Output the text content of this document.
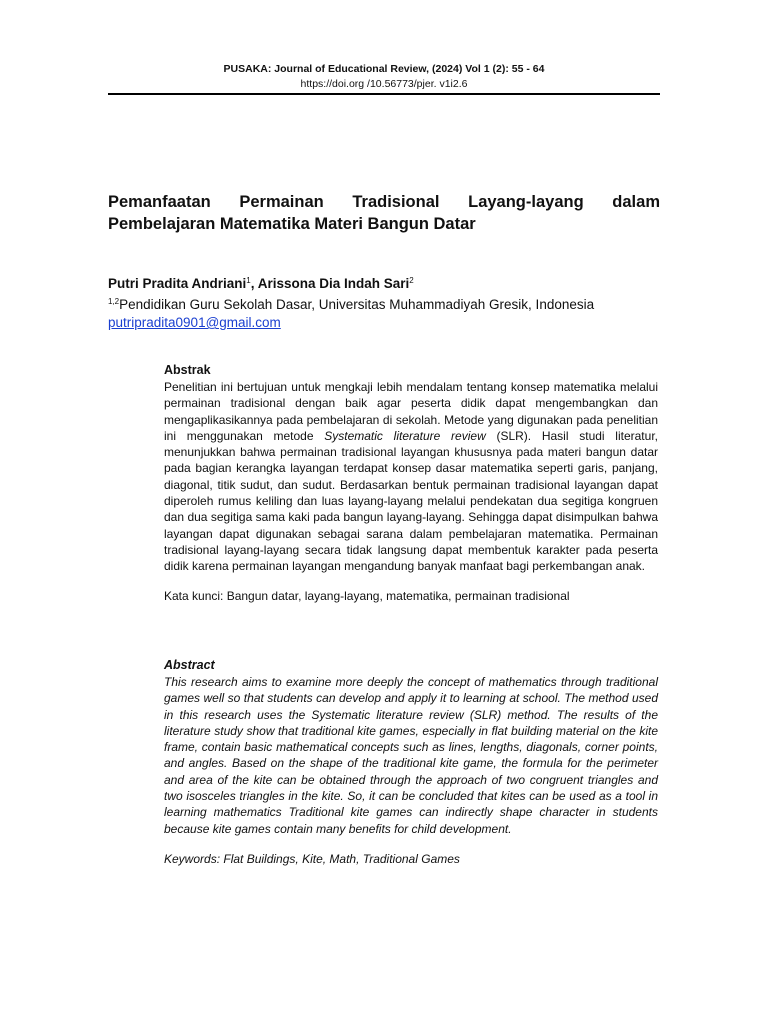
PUSAKA: Journal of Educational Review, (2024) Vol 1 (2): 55 - 64
https://doi.org /10.56773/pjer. v1i2.6
Pemanfaatan Permainan Tradisional Layang-layang dalam Pembelajaran Matematika Materi Bangun Datar
Putri Pradita Andriani$^1$, Arissona Dia Indah Sari$^2$
$^{1,2}$Pendidikan Guru Sekolah Dasar, Universitas Muhammadiyah Gresik, Indonesia
putripradita0901@gmail.com
Abstrak

Penelitian ini bertujuan untuk mengkaji lebih mendalam tentang konsep matematika melalui permainan tradisional dengan baik agar peserta didik dapat mengembangkan dan mengaplikasikannya pada pembelajaran di sekolah. Metode yang digunakan pada penelitian ini menggunakan metode Systematic literature review (SLR). Hasil studi literatur, menunjukkan bahwa permainan tradisional layangan khususnya pada materi bangun datar pada bagian kerangka layangan terdapat konsep dasar matematika seperti garis, panjang, diagonal, titik sudut, dan sudut. Berdasarkan bentuk permainan tradisional layangan dapat diperoleh rumus keliling dan luas layang-layang melalui pendekatan dua segitiga kongruen dan dua segitiga sama kaki pada bangun layang-layang. Sehingga dapat disimpulkan bahwa layangan dapat digunakan sebagai sarana dalam pembelajaran matematika. Permainan tradisional layang-layang secara tidak langsung dapat membentuk karakter pada peserta didik karena permainan layangan mengandung banyak manfaat bagi perkembangan anak.

Kata kunci: Bangun datar, layang-layang, matematika, permainan tradisional

Abstract

This research aims to examine more deeply the concept of mathematics through traditional games well so that students can develop and apply it to learning at school. The method used in this research uses the Systematic literature review (SLR) method. The results of the literature study show that traditional kite games, especially in flat building material on the kite frame, contain basic mathematical concepts such as lines, lengths, diagonals, corner points, and angles. Based on the shape of the traditional kite game, the formula for the perimeter and area of the kite can be obtained through the approach of two congruent triangles and two isosceles triangles in the kite. So, it can be concluded that kites can be used as a tool in learning mathematics Traditional kite games can indirectly shape character in students because kite games contain many benefits for child development.

Keywords: Flat Buildings, Kite, Math, Traditional Games
